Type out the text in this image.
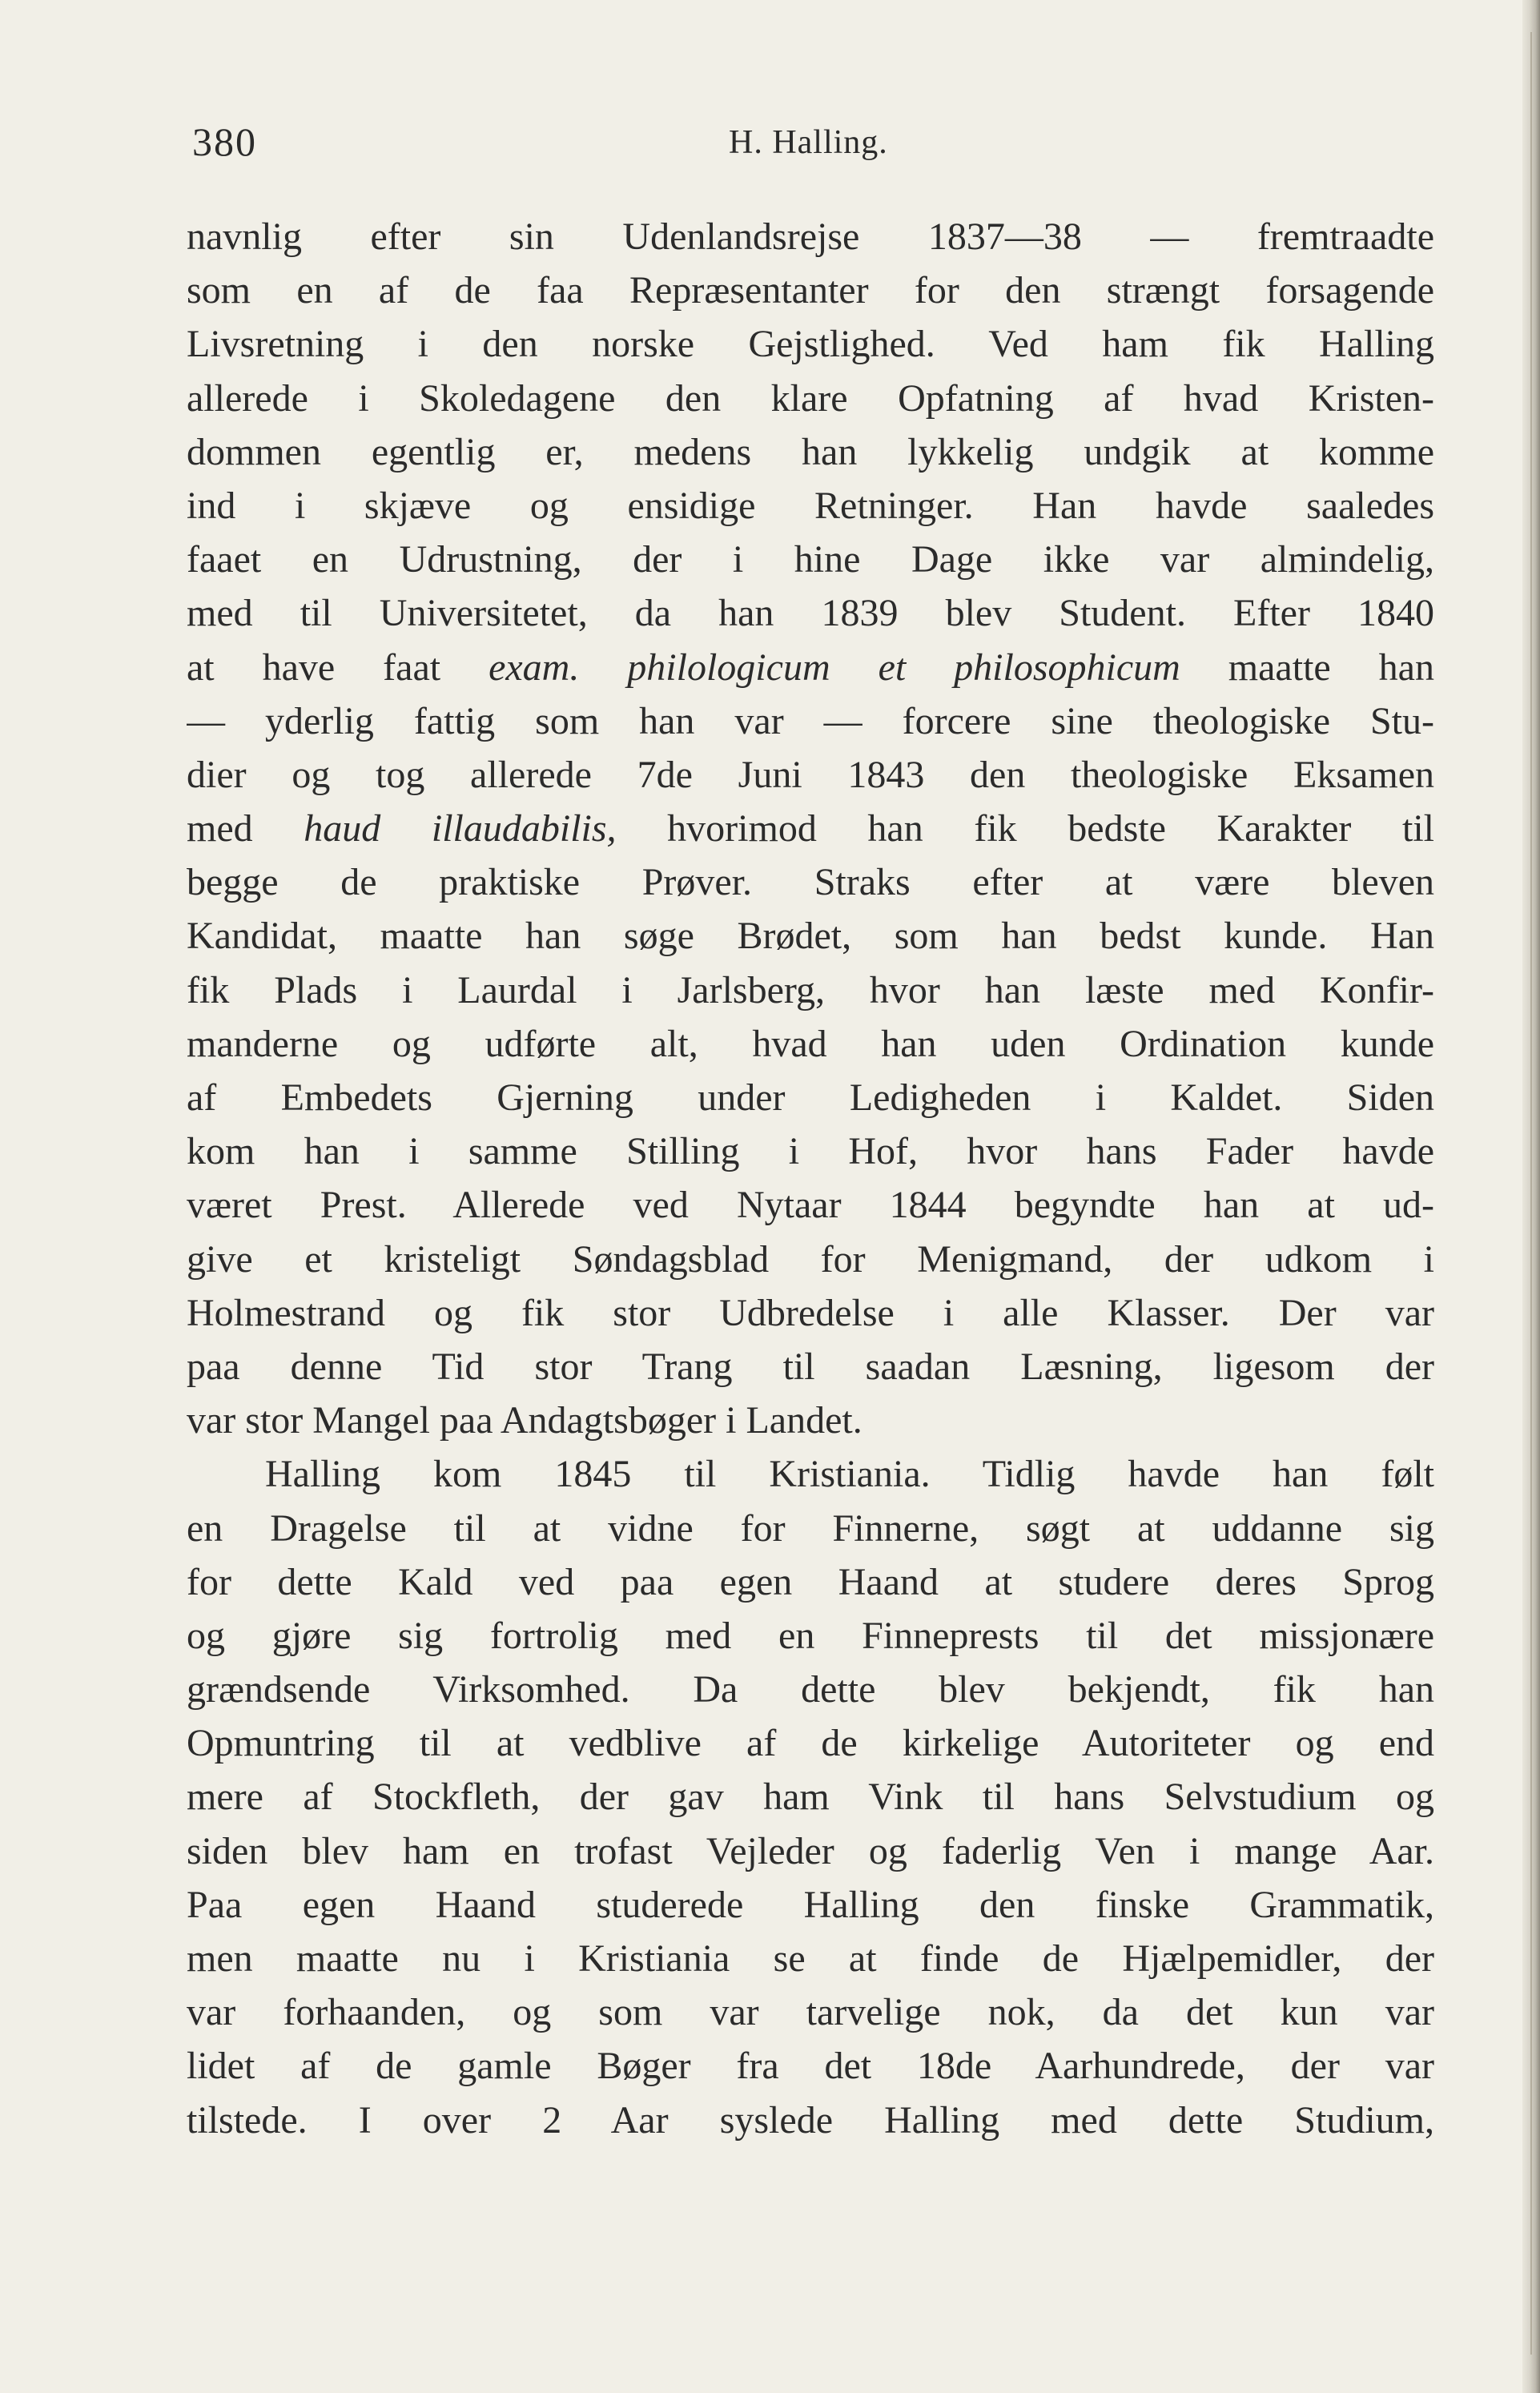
380	H. Halling.
navnlig efter sin Udenlandsrejse 1837—38 — fremtraadte
som en af de faa Repræsentanter for den strængt forsagende
Livsretning i den norske Gejstlighed. Ved ham fik Halling
allerede i Skoledagene den klare Opfatning af hvad Kristen-
dommen egentlig er, medens han lykkelig undgik at komme
ind i skjæve og ensidige Retninger. Han havde saaledes
faaet en Udrustning, der i hine Dage ikke var almindelig,
med til Universitetet, da han 1839 blev Student. Efter 1840
at have faat exam. philologicum et philosophicum maatte han
— yderlig fattig som han var — forcere sine theologiske Stu-
dier og tog allerede 7de Juni 1843 den theologiske Eksamen
med haud illaudabilis, hvorimod han fik bedste Karakter til
begge de praktiske Prøver. Straks efter at være bleven
Kandidat, maatte han søge Brødet, som han bedst kunde. Han
fik Plads i Laurdal i Jarlsberg, hvor han læste med Konfir-
manderne og udførte alt, hvad han uden Ordination kunde
af Embedets Gjerning under Ledigheden i Kaldet. Siden
kom han i samme Stilling i Hof, hvor hans Fader havde
været Prest. Allerede ved Nytaar 1844 begyndte han at ud-
give et kristeligt Søndagsblad for Menigmand, der udkom i
Holmestrand og fik stor Udbredelse i alle Klasser. Der var
paa denne Tid stor Trang til saadan Læsning, ligesom der
var stor Mangel paa Andagtsbøger i Landet.
Halling kom 1845 til Kristiania. Tidlig havde han følt
en Dragelse til at vidne for Finnerne, søgt at uddanne sig
for dette Kald ved paa egen Haand at studere deres Sprog
og gjøre sig fortrolig med en Finneprests til det missjonære
grændsende Virksomhed. Da dette blev bekjendt, fik han
Opmuntring til at vedblive af de kirkelige Autoriteter og end
mere af Stockfleth, der gav ham Vink til hans Selvstudium og
siden blev ham en trofast Vejleder og faderlig Ven i mange Aar.
Paa egen Haand studerede Halling den finske Grammatik,
men maatte nu i Kristiania se at finde de Hjælpemidler, der
var forhaanden, og som var tarvelige nok, da det kun var
lidet af de gamle Bøger fra det 18de Aarhundrede, der var
tilstede. I over 2 Aar syslede Halling med dette Studium,
